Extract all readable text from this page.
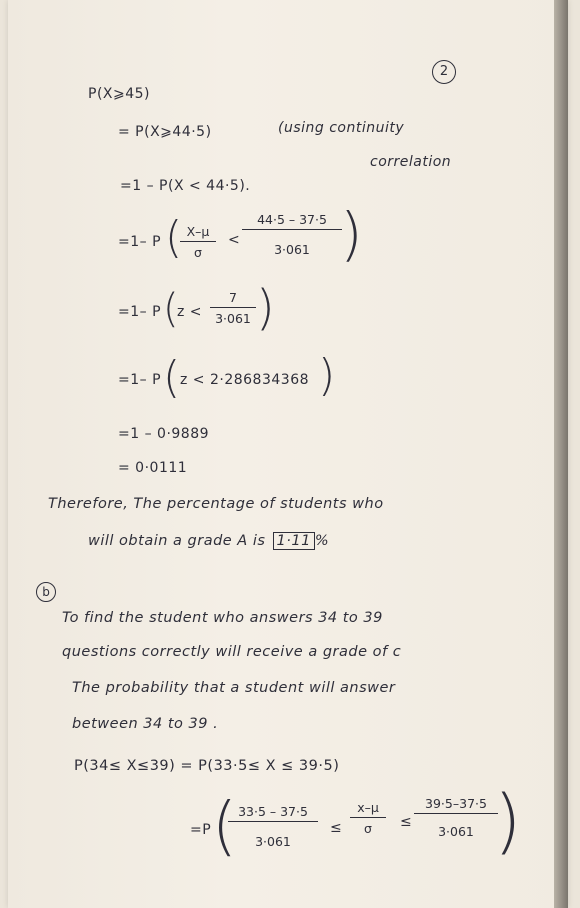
2
P(X⩾45)
= P(X⩾44·5)	(using continuity
correlation
=1 – P(X < 44·5).
=1– P ( X–μ
σ
<
44·5 – 37·5
3·061 )
=1– P (
z <
7
3·061 )
=1– P ( z < 2·286834368 )
=1 – 0·9889
= 0·0111
Therefore, The percentage of students who
will obtain a grade A is 1·11 %
b
To find the student who answers 34 to 39
questions correctly will receive a grade of c
The probability that a student will answer
between 34 to 39 .
P(34≤ X≤39) = P(33·5≤ X ≤ 39·5)
=P ( 33·5 – 37·5
3·061
≤
x–μ
σ	≤
39·5–37·5
3·061 )
